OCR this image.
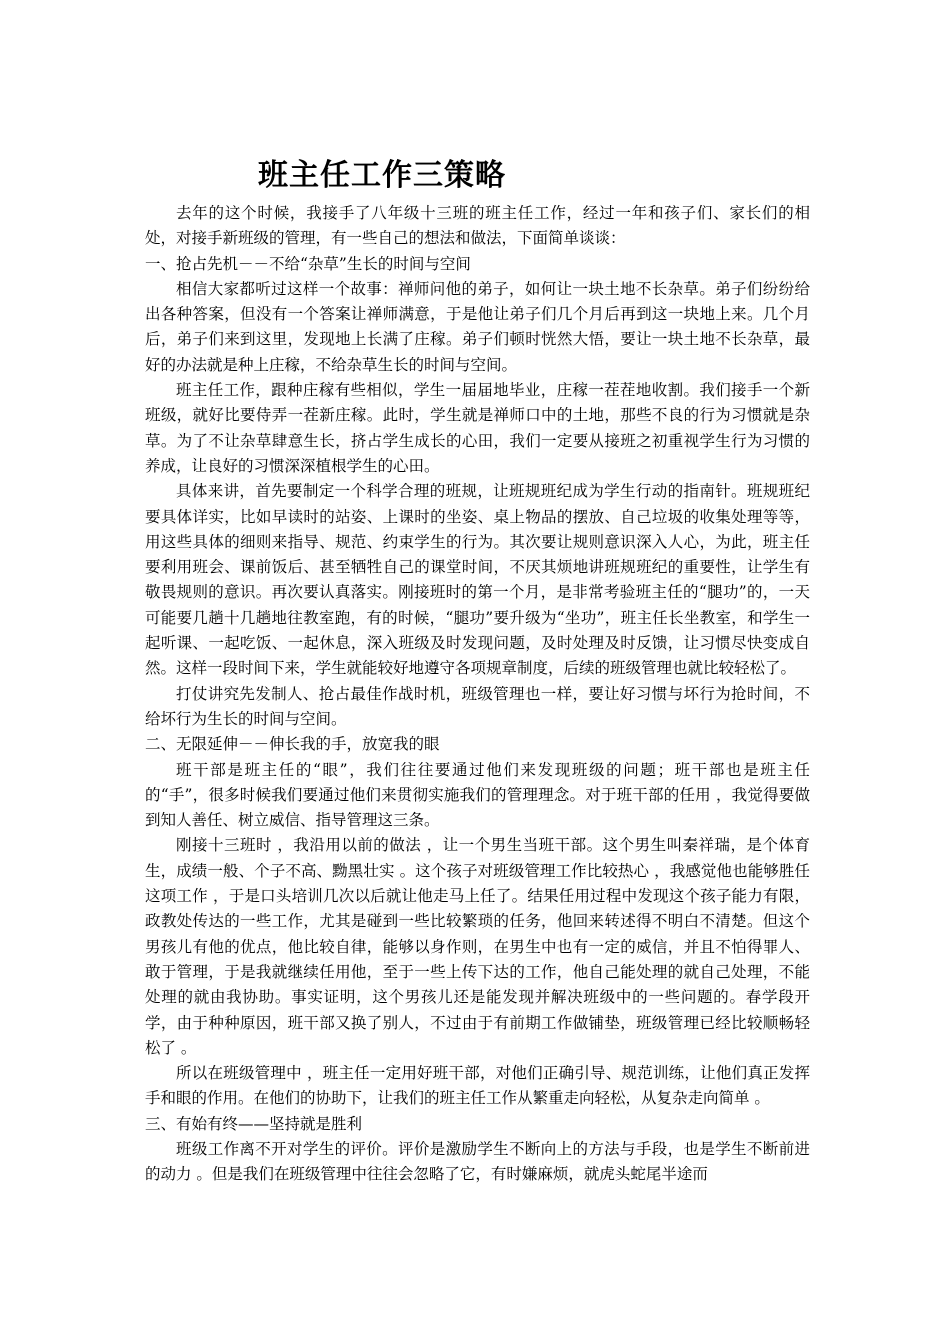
班主任工作三策略

去年的这个时候，我接手了八年级十三班的班主任工作，经过一年和孩子们、家长们的相处，对接手新班级的管理，有一些自己的想法和做法，下面简单谈谈：

一、抢占先机－－不给“杂草”生长的时间与空间

相信大家都听过这样一个故事：禅师问他的弟子，如何让一块土地不长杂草。弟子们纷纷给出各种答案，但没有一个答案让禅师满意，于是他让弟子们几个月后再到这一块地上来。几个月后，弟子们来到这里，发现地上长满了庄稼。弟子们顿时恍然大悟，要让一块土地不长杂草，最好的办法就是种上庄稼，不给杂草生长的时间与空间。

班主任工作，跟种庄稼有些相似，学生一届届地毕业，庄稼一茬茬地收割。我们接手一个新班级，就好比要侍弄一茬新庄稼。此时，学生就是禅师口中的土地，那些不良的行为习惯就是杂草。为了不让杂草肆意生长，挤占学生成长的心田，我们一定要从接班之初重视学生行为习惯的养成，让良好的习惯深深植根学生的心田。

具体来讲，首先要制定一个科学合理的班规，让班规班纪成为学生行动的指南针。班规班纪要具体详实，比如早读时的站姿、上课时的坐姿、桌上物品的摆放、自己垃圾的收集处理等等，用这些具体的细则来指导、规范、约束学生的行为。其次要让规则意识深入人心，为此，班主任要利用班会、课前饭后、甚至牺牲自己的课堂时间，不厌其烦地讲班规班纪的重要性，让学生有敬畏规则的意识。再次要认真落实。刚接班时的第一个月，是非常考验班主任的“腿功”的，一天可能要几趟十几趟地往教室跑，有的时候，“腿功”要升级为“坐功”，班主任长坐教室，和学生一起听课、一起吃饭、一起休息，深入班级及时发现问题，及时处理及时反馈，让习惯尽快变成自然。这样一段时间下来，学生就能较好地遵守各项规章制度，后续的班级管理也就比较轻松了。

打仗讲究先发制人、抢占最佳作战时机，班级管理也一样，要让好习惯与坏行为抢时间，不给坏行为生长的时间与空间。

二、无限延伸－－伸长我的手，放宽我的眼

班干部是班主任的“眼”，我们往往要通过他们来发现班级的问题；班干部也是班主任的“手”，很多时候我们要通过他们来贯彻实施我们的管理理念。对于班干部的任用 ，我觉得要做到知人善任、树立威信、指导管理这三条。

刚接十三班时 ，我沿用以前的做法 ，让一个男生当班干部。这个男生叫秦祥瑞，是个体育生，成绩一般、个子不高、黝黑壮实 。这个孩子对班级管理工作比较热心 ，我感觉他也能够胜任这项工作 ，于是口头培训几次以后就让他走马上任了。结果任用过程中发现这个孩子能力有限，政教处传达的一些工作，尤其是碰到一些比较繁琐的任务，他回来转述得不明白不清楚。但这个男孩儿有他的优点，他比较自律，能够以身作则，在男生中也有一定的威信，并且不怕得罪人、敢于管理，于是我就继续任用他，至于一些上传下达的工作，他自己能处理的就自己处理，不能处理的就由我协助。事实证明，这个男孩儿还是能发现并解决班级中的一些问题的。春学段开学，由于种种原因，班干部又换了别人，不过由于有前期工作做铺垫，班级管理已经比较顺畅轻松了 。

所以在班级管理中 ，班主任一定用好班干部，对他们正确引导、规范训练，让他们真正发挥手和眼的作用。在他们的协助下，让我们的班主任工作从繁重走向轻松，从复杂走向简单 。

三、有始有终——坚持就是胜利

班级工作离不开对学生的评价。评价是激励学生不断向上的方法与手段，也是学生不断前进的动力 。但是我们在班级管理中往往会忽略了它，有时嫌麻烦，就虎头蛇尾半途而
